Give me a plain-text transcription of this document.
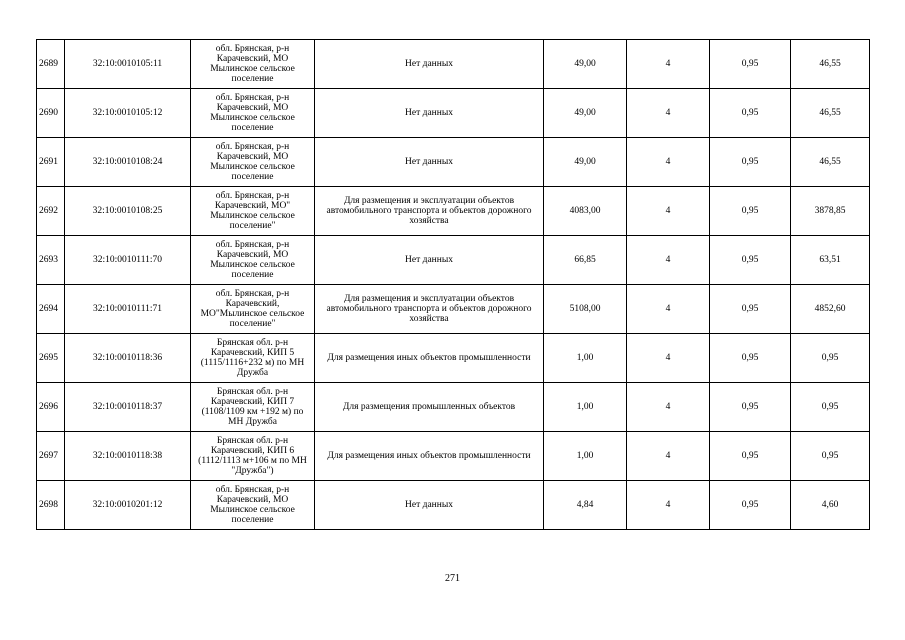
2689	32:10:0010105:11	обл. Брянская, р-н Карачевский, МО Мылинское сельское поселение	Нет данных	49,00	4	0,95	46,55
2690	32:10:0010105:12	обл. Брянская, р-н Карачевский, МО Мылинское сельское поселение	Нет данных	49,00	4	0,95	46,55
2691	32:10:0010108:24	обл. Брянская, р-н Карачевский, МО Мылинское сельское поселение	Нет данных	49,00	4	0,95	46,55
2692	32:10:0010108:25	обл. Брянская, р-н Карачевский, МО" Мылинское сельское поселение"	Для размещения и эксплуатации объектов автомобильного транспорта и объектов дорожного хозяйства	4083,00	4	0,95	3878,85
2693	32:10:0010111:70	обл. Брянская, р-н Карачевский, МО Мылинское сельское поселение	Нет данных	66,85	4	0,95	63,51
2694	32:10:0010111:71	обл. Брянская, р-н Карачевский, МО"Мылинское сельское поселение"	Для размещения и эксплуатации объектов автомобильного транспорта и объектов дорожного хозяйства	5108,00	4	0,95	4852,60
2695	32:10:0010118:36	Брянская обл. р-н Карачевский, КИП 5 (1115/1116+232 м) по МН Дружба	Для размещения иных объектов промышленности	1,00	4	0,95	0,95
2696	32:10:0010118:37	Брянская обл. р-н Карачевский, КИП 7 (1108/1109 км +192 м) по МН Дружба	Для размещения промышленных объектов	1,00	4	0,95	0,95
2697	32:10:0010118:38	Брянская обл. р-н Карачевский, КИП 6 (1112/1113 м+106 м по МН "Дружба")	Для размещения иных объектов промышленности	1,00	4	0,95	0,95
2698	32:10:0010201:12	обл. Брянская, р-н Карачевский, МО Мылинское сельское поселение	Нет данных	4,84	4	0,95	4,60
271
